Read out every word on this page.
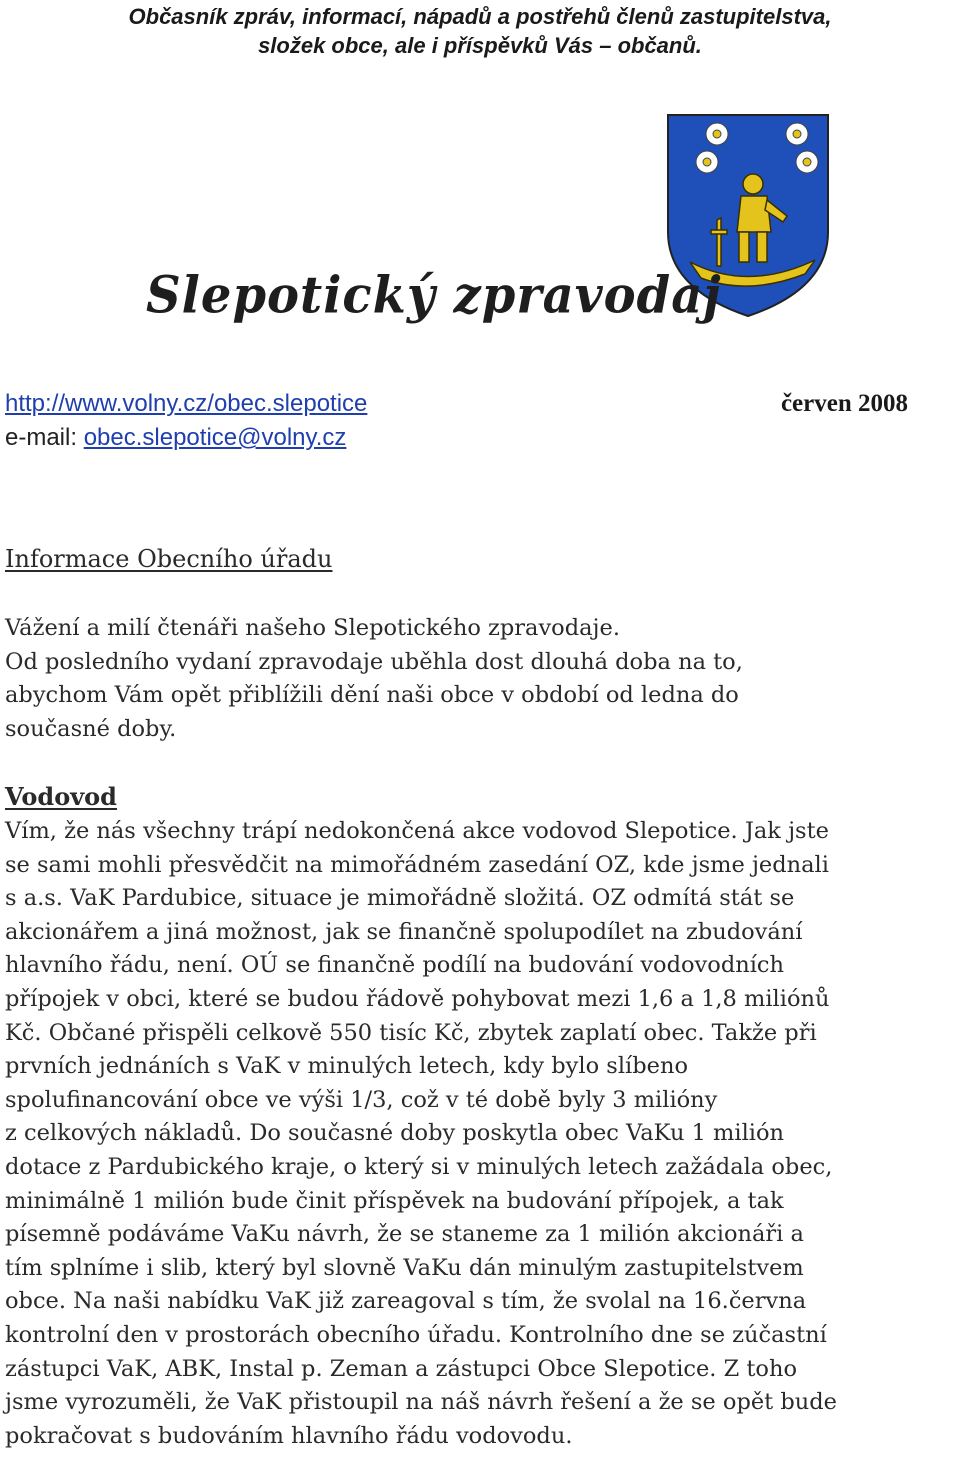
Občasník zpráv, informací, nápadů a postřehů členů zastupitelstva,
složek obce, ale i příspěvků Vás – občanů.
Slepotický zpravodaj
http://www.volny.cz/obec.slepotice	červen 2008
e-mail: obec.slepotice@volny.cz
Informace Obecního úřadu
Vážení a milí čtenáři našeho Slepotického zpravodaje.
Od posledního vydaní zpravodaje uběhla dost dlouhá doba na to,
abychom Vám opět přiblížili dění naši obce v období od ledna do
současné doby.
Vodovod
Vím, že nás všechny trápí nedokončená akce vodovod Slepotice. Jak jste
se sami mohli přesvědčit na mimořádném zasedání OZ, kde jsme jednali
s a.s. VaK Pardubice, situace je mimořádně složitá. OZ odmítá stát se
akcionářem a jiná možnost, jak se finančně spolupodílet na zbudování
hlavního řádu, není. OÚ se finančně podílí na budování vodovodních
přípojek v obci, které se budou řádově pohybovat mezi 1,6 a 1,8 miliónů
Kč. Občané přispěli celkově 550 tisíc Kč, zbytek zaplatí obec. Takže při
prvních jednáních s VaK v minulých letech, kdy bylo slíbeno
spolufinancování obce ve výši 1/3, což v té době byly 3 milióny
z celkových nákladů. Do současné doby poskytla obec VaKu 1 milión
dotace z Pardubického kraje, o který si v minulých letech zažádala obec,
minimálně 1 milión bude činit příspěvek na budování přípojek, a tak
písemně podáváme VaKu návrh, že se staneme za 1 milión akcionáři a
tím splníme i slib, který byl slovně VaKu dán minulým zastupitelstvem
obce. Na naši nabídku VaK již zareagoval s tím, že svolal na 16.června
kontrolní den v prostorách obecního úřadu. Kontrolního dne se zúčastní
zástupci VaK, ABK, Instal p. Zeman a zástupci Obce Slepotice. Z toho
jsme vyrozuměli, že VaK přistoupil na náš návrh řešení a že se opět bude
pokračovat s budováním hlavního řádu vodovodu.
